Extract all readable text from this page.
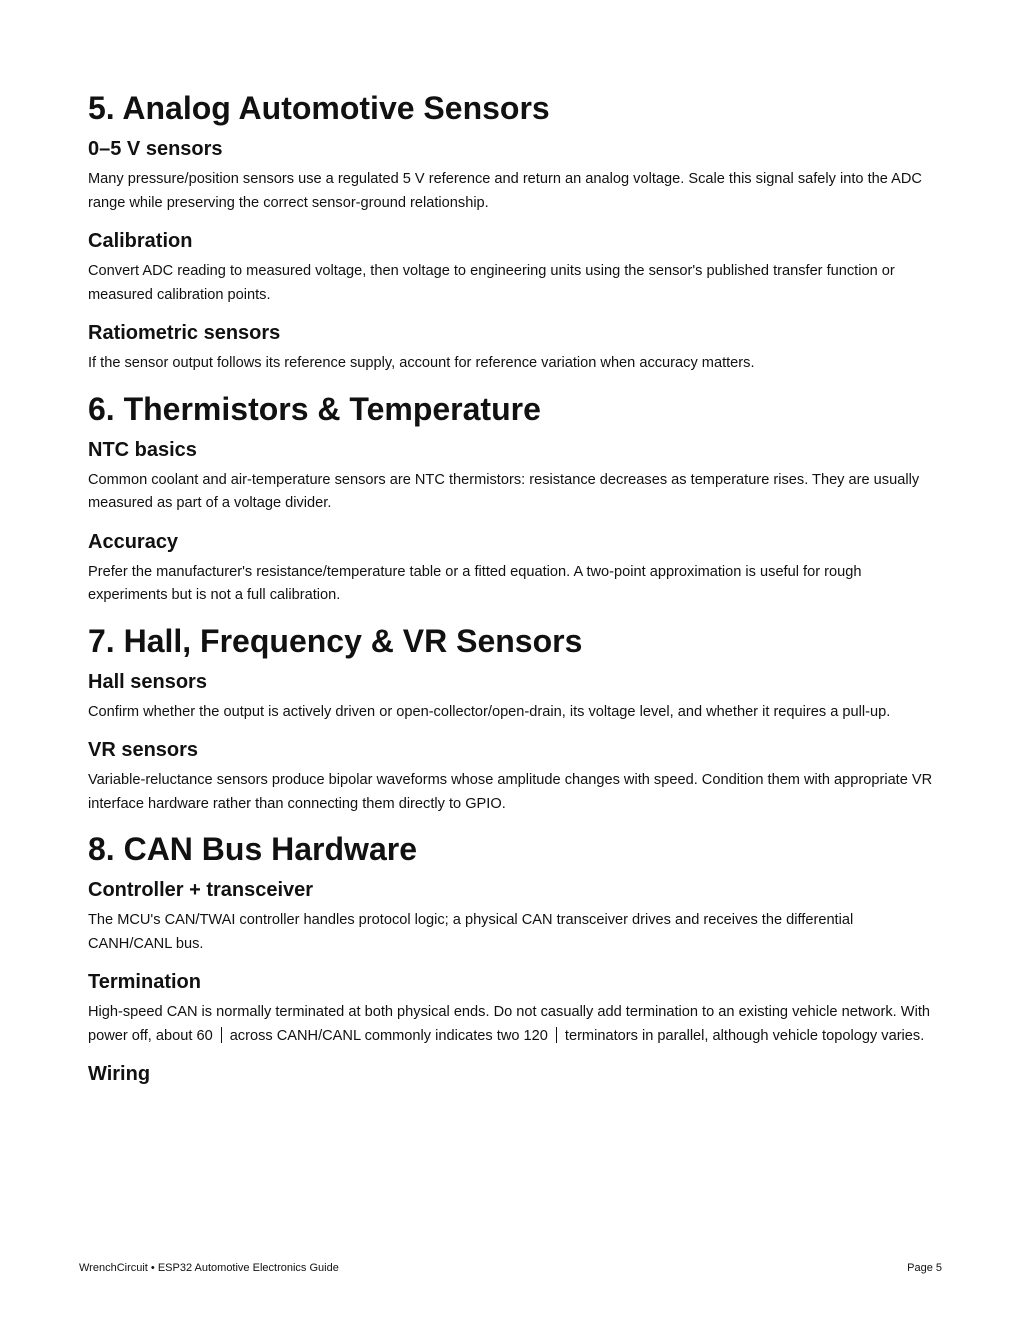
5. Analog Automotive Sensors
0–5 V sensors

Many pressure/position sensors use a regulated 5 V reference and return an analog voltage. Scale this signal safely into the ADC range while preserving the correct sensor-ground relationship.

Calibration

Convert ADC reading to measured voltage, then voltage to engineering units using the sensor's published transfer function or measured calibration points.

Ratiometric sensors

If the sensor output follows its reference supply, account for reference variation when accuracy matters.

6. Thermistors & Temperature
NTC basics

Common coolant and air-temperature sensors are NTC thermistors: resistance decreases as temperature rises. They are usually measured as part of a voltage divider.

Accuracy

Prefer the manufacturer's resistance/temperature table or a fitted equation. A two-point approximation is useful for rough experiments but is not a full calibration.

7. Hall, Frequency & VR Sensors
Hall sensors

Confirm whether the output is actively driven or open-collector/open-drain, its voltage level, and whether it requires a pull-up.

VR sensors

Variable-reluctance sensors produce bipolar waveforms whose amplitude changes with speed. Condition them with appropriate VR interface hardware rather than connecting them directly to GPIO.

8. CAN Bus Hardware
Controller + transceiver

The MCU's CAN/TWAI controller handles protocol logic; a physical CAN transceiver drives and receives the differential CANH/CANL bus.

Termination

High-speed CAN is normally terminated at both physical ends. Do not casually add termination to an existing vehicle network. With power off, about 60 across CANH/CANL commonly indicates two 120 terminators in parallel, although vehicle topology varies.

Wiring
WrenchCircuit • ESP32 Automotive Electronics Guide	Page 5
